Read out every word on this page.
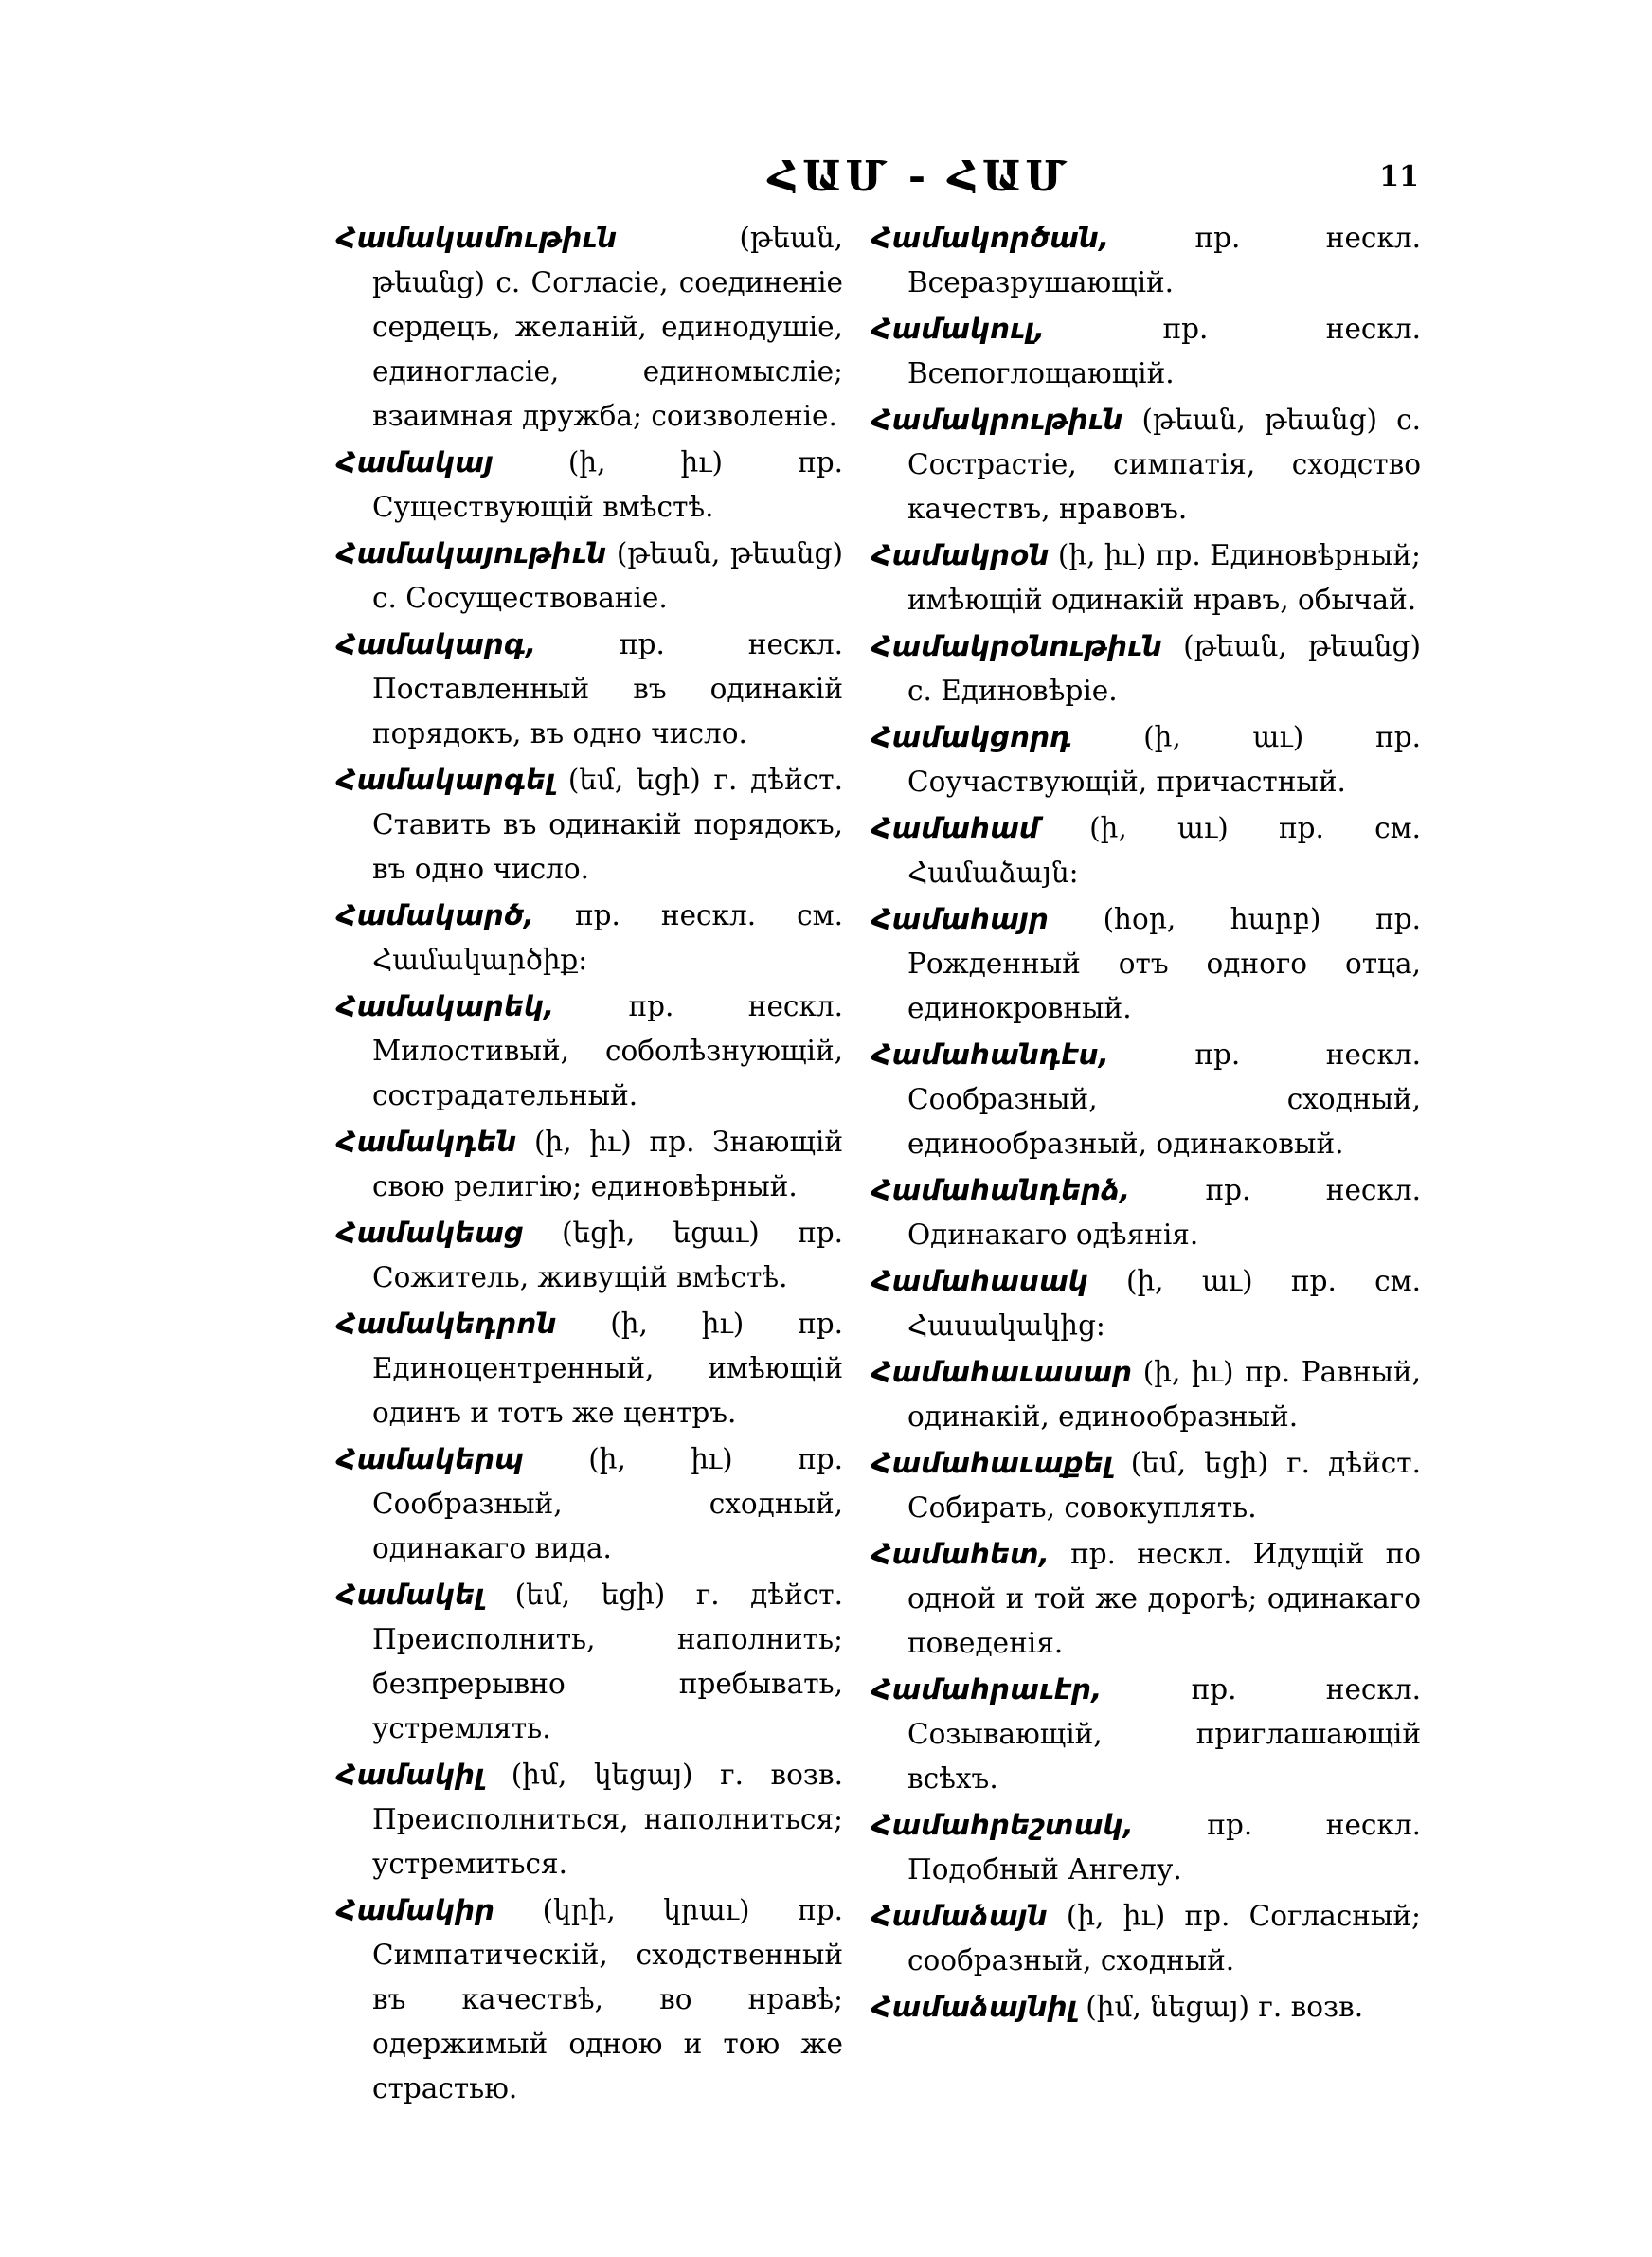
ՀԱՄ - ՀԱՄ	11

Համակամութիւն (թեան, թեանց) с. Согласіе, соединеніе сердецъ, желаній, единодушіе, единогласіе, единомысліе; взаимная дружба; соизволеніе.

Համակայ (ի, իւ) пр. Существующій вмѣстѣ.

Համակայութիւն (թեան, թեանց) с. Сосуществованіе.

Համակարգ, пр. нескл. Поставленный въ одинакій порядокъ, въ одно число.

Համակարգել (եմ, եցի) г. дѣйст. Ставить въ одинакій порядокъ, въ одно число.

Համակարծ, пр. нескл. см. Համակարծիք:

Համակարեկ, пр. нескл. Милостивый, соболѣзнующій, сострадательный.

Համակդեն (ի, իւ) пр. Знающій свою религію; единовѣрный.

Համակեաց (եցի, եցաւ) пр. Сожитель, живущій вмѣстѣ.

Համակեդրոն (ի, իւ) пр. Единоцентренный, имѣющій одинъ и тотъ же центръ.

Համակերպ (ի, իւ) пр. Сообразный, сходный, одинакаго вида.

Համակել (եմ, եցի) г. дѣйст. Преисполнить, наполнить; безпрерывно пребывать, устремлять.

Համակիլ (իմ, կեցայ) г. возв. Преисполниться, наполниться; устремиться.

Համակիր (կրի, կրաւ) пр. Симпатическій, сходственный въ качествѣ, во нравѣ; одержимый одною и тою же страстью.

Համակործան, пр. нескл. Всеразрушающій.

Համակուլ, пр. нескл. Всепоглощающій.

Համակրութիւն (թեան, թեանց) с. Сострастіе, симпатія, сходство качествъ, нравовъ.

Համակրօն (ի, իւ) пр. Единовѣрный; имѣющій одинакій нравъ, обычай.

Համակրօնութիւն (թեան, թեանց) с. Единовѣріе.

Համակցորդ (ի, աւ) пр. Соучаствующій, причастный.

Համահամ (ի, աւ) пр. см. Համաձայն:

Համահայր (հօր, հարբ) пр. Рожденный отъ одного отца, единокровный.

Համահանդէս, пр. нескл. Сообразный, сходный, единообразный, одинаковый.

Համահանդերձ, пр. нескл. Одинакаго одѣянія.

Համահասակ (ի, աւ) пр. см. Հասակակից:

Համահաւասար (ի, իւ) пр. Равный, одинакій, единообразный.

Համահաւաքել (եմ, եցի) г. дѣйст. Собирать, совокуплять.

Համահետ, пр. нескл. Идущій по одной и той же дорогѣ; одинакаго поведенія.

Համահրաւէր, пр. нескл. Созывающій, приглашающій всѣхъ.

Համահրեշտակ, пр. нескл. Подобный Ангелу.

Համաձայն (ի, իւ) пр. Согласный; сообразный, сходный.

Համաձայնիլ (իմ, նեցայ) г. возв.
